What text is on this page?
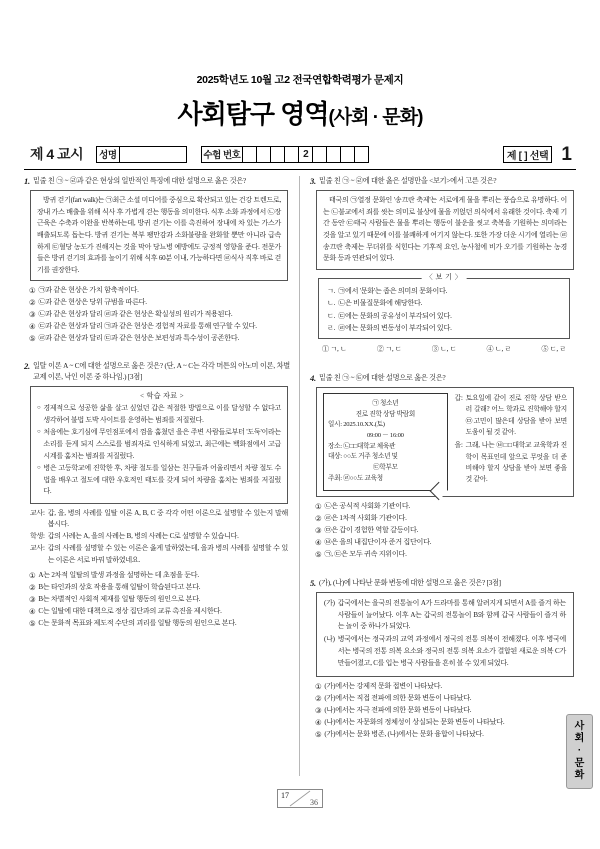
2025학년도 10월 고2 전국연합학력평가 문제지
사회탐구 영역(사회 · 문화)
제 4 교시 성명	수험 번호	2	제 [ ] 선택 1
1. 밑줄 친 ㉠ ~ ㉣과 같은 현상의 일반적인 특징에 대한 설명으로 옳은 것은?

방귀 걷기(fart walk)는 ㉠최근 소셜 미디어를 중심으로 확산되고 있는 건강 트렌드로, 장내 가스 배출을 위해 식사 후 가볍게 걷는 행동을 의미한다. 식후 소화 과정에서 ㉡장 근육은 수축과 이완을 반복하는데, 방귀 걷기는 이를 촉진하여 장내에 차 있는 가스가 배출되도록 돕는다. 방귀 걷기는 복부 팽만감과 소화불량을 완화할 뿐만 아니라 급속하게 ㉢혈당 농도가 진해지는 것을 막아 당뇨병 예방에도 긍정적 영향을 준다. 전문가들은 방귀 걷기의 효과를 높이기 위해 식후 60분 이내, 가능하다면 ㉣식사 직후 바로 걷기를 권장한다.

① ㉠과 같은 현상은 가치 함축적이다.
② ㉡과 같은 현상은 당위 규범을 따른다.
③ ㉡과 같은 현상과 달리 ㉣과 같은 현상은 확실성의 원리가 적용된다.
④ ㉢과 같은 현상과 달리 ㉠과 같은 현상은 경험적 자료를 통해 연구할 수 있다.
⑤ ㉣과 같은 현상과 달리 ㉢과 같은 현상은 보편성과 특수성이 공존한다.
2. 일탈 이론 A ~ C에 대한 설명으로 옳은 것은? (단, A ~ C는 각각 머튼의 아노미 이론, 차별 교제 이론, 낙인 이론 중 하나임.) [3점]

< 학습 자료 >

○ 경제적으로 성공한 삶을 살고 싶었던 갑은 적절한 방법으로 이를 달성할 수 없다고 생각하여 불법 도박 사이트를 운영하는 범죄를 저질렀다.
○ 처음에는 호기심에 무인점포에서 껌을 훔쳤던 을은 주변 사람들로부터 '도둑'이라는 소리를 듣게 되지 스스로를 범죄자로 인식하게 되었고, 최근에는 백화점에서 고급 시계를 훔치는 범죄를 저질렀다.
○ 병은 고등학교에 진학한 후, 차량 절도를 일삼는 친구들과 어울리면서 차량 절도 수법을 배우고 절도에 대한 우호적인 태도를 갖게 되어 차량을 훔치는 범죄를 저질렀다.
교사: 갑, 을, 병의 사례를 일탈 이론 A, B, C 중 각각 어떤 이론으로 설명할 수 있는지 말해 봅시다.
학생: 갑의 사례는 A, 을의 사례는 B, 병의 사례는 C로 설명할 수 있습니다.
교사: 갑의 사례를 설명할 수 있는 이론은 옳게 말하였는데, 을과 병의 사례를 설명할 수 있는 이론은 서로 바꿔 말하였네요.
① A는 2차적 일탈의 발생 과정을 설명하는 데 초점을 둔다.
② B는 타인과의 상호 작용을 통해 일탈이 학습된다고 본다.
③ B는 차별적인 사회적 제재를 일탈 행동의 원인으로 본다.
④ C는 일탈에 대한 대책으로 정상 집단과의 교류 촉진을 제시한다.
⑤ C는 문화적 목표와 제도적 수단의 괴리를 일탈 행동의 원인으로 본다.
3. 밑줄 친 ㉠ ~ ㉣에 대한 옳은 설명만을 <보기>에서 고른 것은?

태국의 ㉠열정 문화인 '송끄란 축제'는 서로에게 물을 뿌리는 풍습으로 유명하다. 이는 ㉡불교에서 죄를 씻는 의미로 불상에 물을 끼얹던 의식에서 유래한 것이다. 축제 기간 동안 ㉢태국 사람들은 물을 뿌리는 행동이 불운을 씻고 축복을 기원하는 의미라는 것을 알고 있기 때문에 이를 불쾌하게 여기지 않는다. 또한 가장 더운 시기에 열리는 ㉣송끄란 축제는 무더위를 식힌다는 기후적 요인, 농사철에 비가 오기를 기원하는 농경 문화 등과 연관되어 있다.

〈 보 기 〉
ㄱ. ㉠에서 '문화'는 좁은 의미의 문화이다.
ㄴ. ㉡은 비물질문화에 해당한다.
ㄷ. ㉢에는 문화의 공유성이 부각되어 있다.
ㄹ. ㉣에는 문화의 변동성이 부각되어 있다.
① ㄱ, ㄴ	② ㄱ, ㄷ	③ ㄴ, ㄷ	④ ㄴ, ㄹ	⑤ ㄷ, ㄹ
4. 밑줄 친 ㉠ ~ ㉫에 대한 설명으로 옳은 것은?

㉠ 청소년

진로 진학 상담 박람회

일시: 2025.10.XX.(토)

09:00 － 16:00

장소: ㉡□□대학교 체육관

대상: ○○도 거주 청소년 및

㉢학부모

주최: ㉣○○도 교육청

갑: 토요일에 같이 진로 진학 상담 받으러 갈래? 어느 학과로 진학해야 할지 ㉤고민이 많은데 상담을 받아 보면 도움이 될 것 같아.
을: 그래, 나는 ㉥□□대학교 교육학과 진학이 목표인데 앞으로 무엇을 더 준비해야 할지 상담을 받아 보면 좋을 것 같아.
① ㉡은 공식적 사회화 기관이다.
② ㉣은 1차적 사회화 기관이다.
③ ㉤은 갑이 경험한 역할 갈등이다.
④ ㉥은 을의 내집단이자 준거 집단이다.
⑤ ㉠, ㉢은 모두 귀속 지위이다.
5. (가), (나)에 나타난 문화 변동에 대한 설명으로 옳은 것은? [3점]
(가) 갑국에서는 을국의 전통놀이 A가 드라마를 통해 알려지게 되면서 A를 즐겨 하는 사람들이 늘어났다. 이후 A는 갑국의 전통놀이 B와 함께 갑국 사람들이 즐겨 하는 놀이 중 하나가 되었다.
(나) 병국에서는 정국과의 교역 과정에서 정국의 전통 의복이 전해졌다. 이후 병국에서는 병국의 전통 의복 요소와 정국의 전통 의복 요소가 결합된 새로운 의복 C가 만들어졌고, C를 입는 병국 사람들을 흔히 볼 수 있게 되었다.
① (가)에서는 강제적 문화 접변이 나타났다.
② (가)에서는 직접 전파에 의한 문화 변동이 나타났다.
③ (나)에서는 자극 전파에 의한 문화 변동이 나타났다.
④ (나)에서는 자문화의 정체성이 상실되는 문화 변동이 나타났다.
⑤ (가)에서는 문화 병존, (나)에서는 문화 융합이 나타났다.
17
36
사
회
·
문
화
